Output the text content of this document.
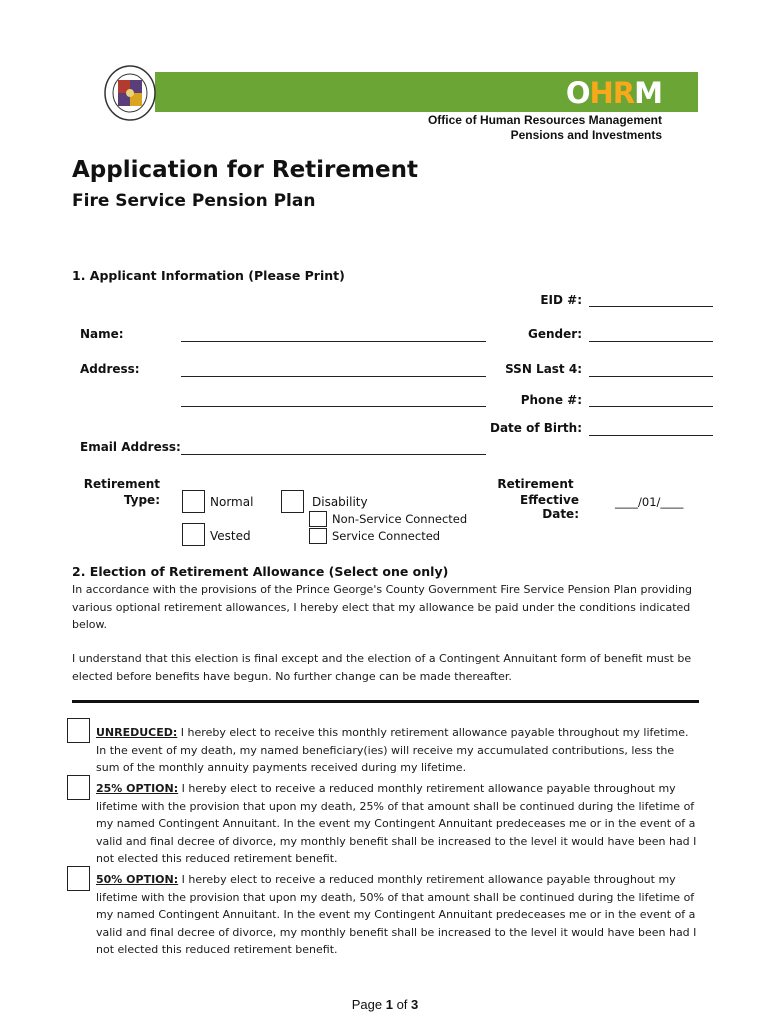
OHRM
Office of Human Resources Management
Pensions and Investments
Application for Retirement
Fire Service Pension Plan
1. Applicant Information (Please Print)
EID #:
Name:	Gender:
Address:	SSN Last 4:
Phone #:
Date of Birth:
Email Address:
Retirement
Type:	Normal
Vested
Disability
Non-Service Connected
Service Connected
Retirement
Effective Date:
____/01/____
2. Election of Retirement Allowance (Select one only)
In accordance with the provisions of the Prince George's County Government Fire Service Pension Plan providing various optional retirement allowances, I hereby elect that my allowance be paid under the conditions indicated below.
I understand that this election is final except and the election of a Contingent Annuitant form of benefit must be elected before benefits have begun. No further change can be made thereafter.
UNREDUCED: I hereby elect to receive this monthly retirement allowance payable throughout my lifetime. In the event of my death, my named beneficiary(ies) will receive my accumulated contributions, less the sum of the monthly annuity payments received during my lifetime.
25% OPTION: I hereby elect to receive a reduced monthly retirement allowance payable throughout my lifetime with the provision that upon my death, 25% of that amount shall be continued during the lifetime of my named Contingent Annuitant. In the event my Contingent Annuitant predeceases me or in the event of a valid and final decree of divorce, my monthly benefit shall be increased to the level it would have been had I not elected this reduced retirement benefit.
50% OPTION: I hereby elect to receive a reduced monthly retirement allowance payable throughout my lifetime with the provision that upon my death, 50% of that amount shall be continued during the lifetime of my named Contingent Annuitant. In the event my Contingent Annuitant predeceases me or in the event of a valid and final decree of divorce, my monthly benefit shall be increased to the level it would have been had I not elected this reduced retirement benefit.
Page 1 of 3
